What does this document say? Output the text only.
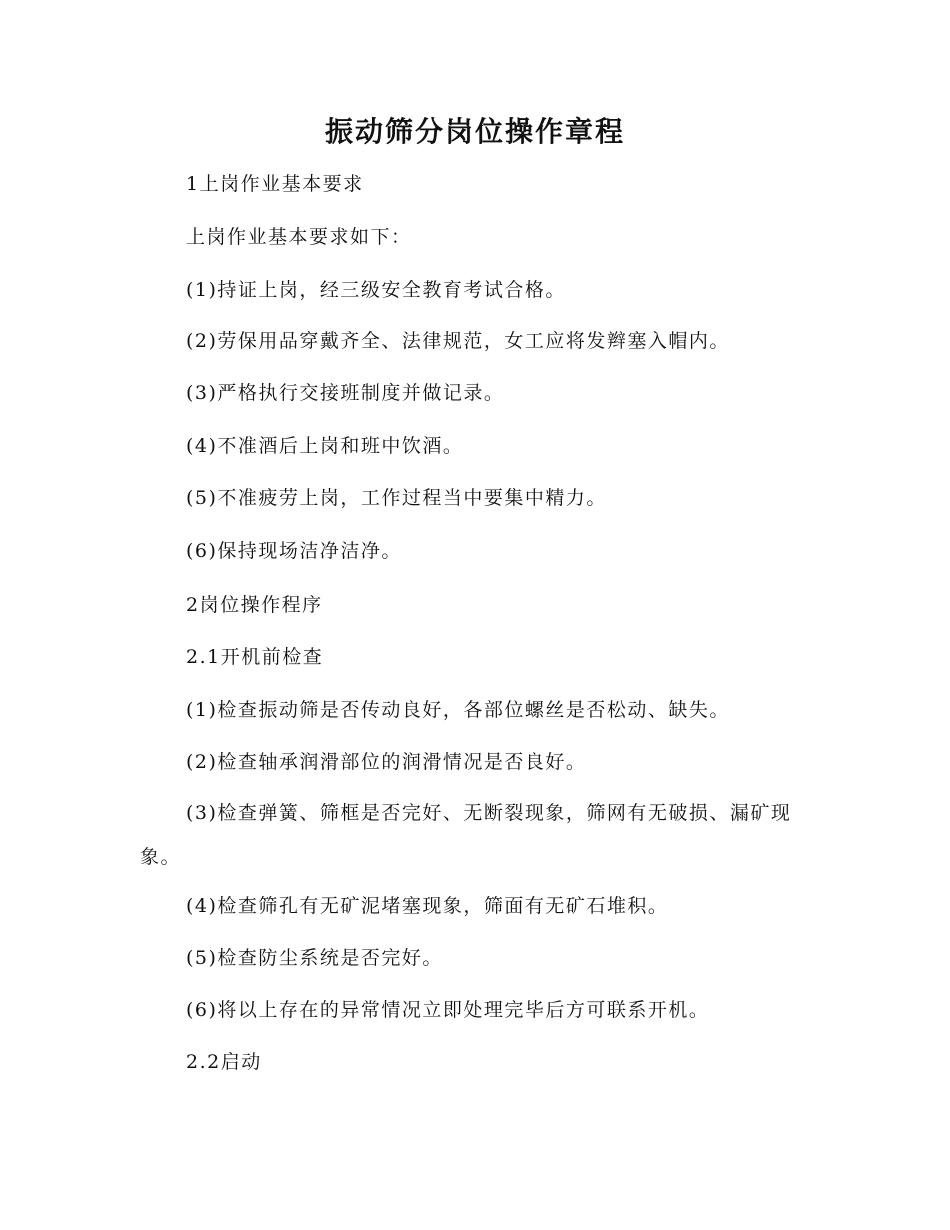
振动筛分岗位操作章程
1上岗作业基本要求
上岗作业基本要求如下：
(1)持证上岗，经三级安全教育考试合格。
(2)劳保用品穿戴齐全、法律规范，女工应将发辫塞入帽内。
(3)严格执行交接班制度并做记录。
(4)不准酒后上岗和班中饮酒。
(5)不准疲劳上岗，工作过程当中要集中精力。
(6)保持现场洁净洁净。
2岗位操作程序
2.1开机前检查
(1)检查振动筛是否传动良好，各部位螺丝是否松动、缺失。
(2)检查轴承润滑部位的润滑情况是否良好。
(3)检查弹簧、筛框是否完好、无断裂现象，筛网有无破损、漏矿现象。
(4)检查筛孔有无矿泥堵塞现象，筛面有无矿石堆积。
(5)检查防尘系统是否完好。
(6)将以上存在的异常情况立即处理完毕后方可联系开机。
2.2启动
